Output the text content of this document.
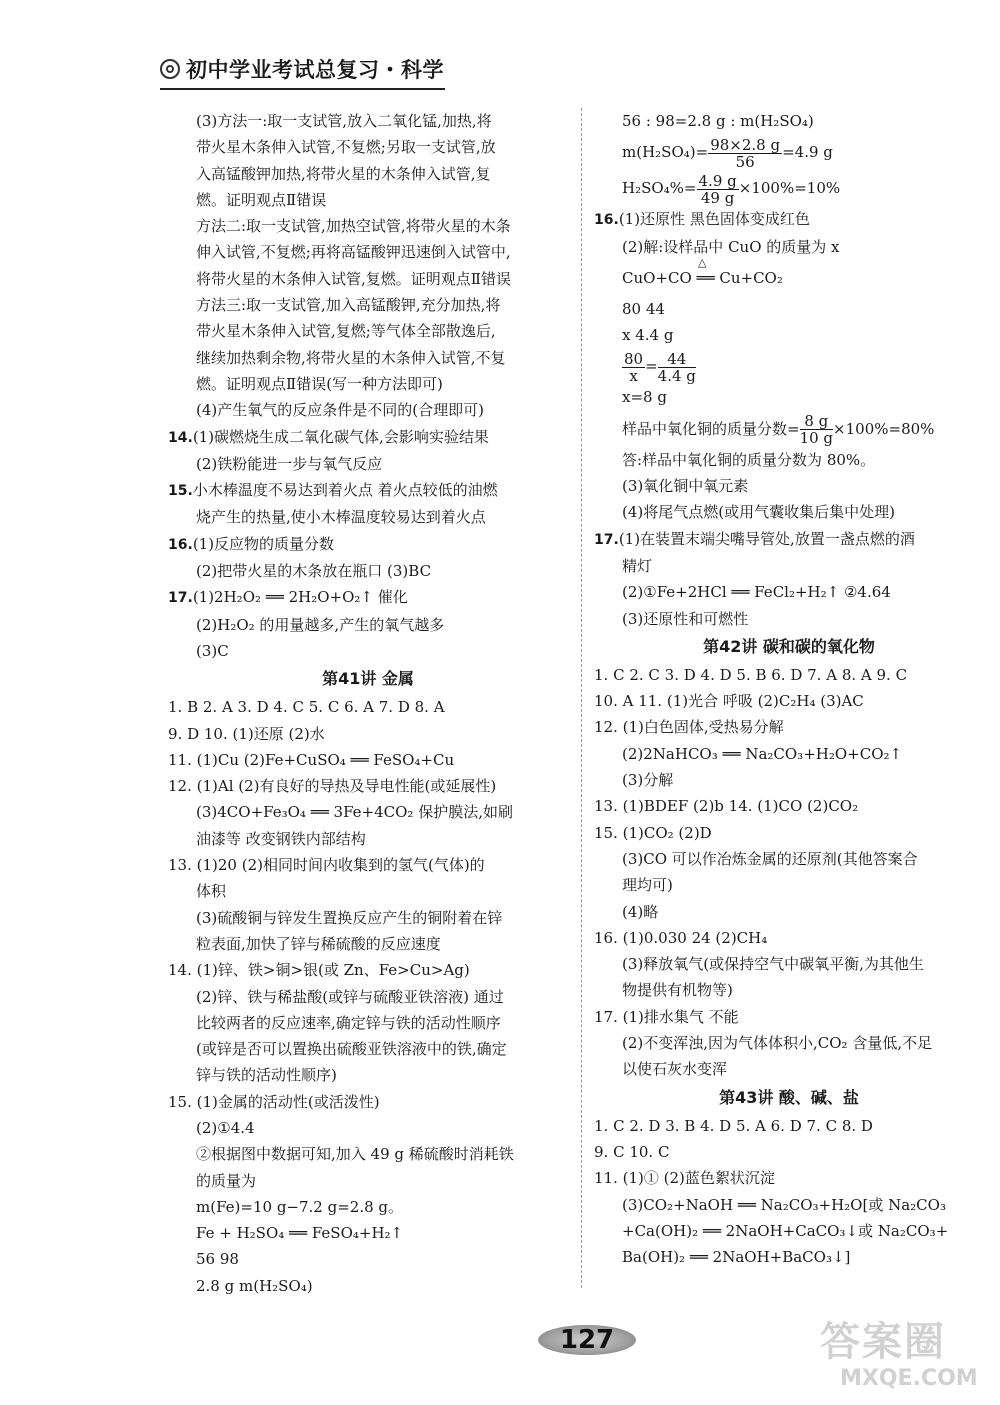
初中学业考试总复习・科学
(3)方法一:取一支试管,放入二氧化锰,加热,将
带火星木条伸入试管,不复燃;另取一支试管,放
入高锰酸钾加热,将带火星的木条伸入试管,复
燃。证明观点Ⅱ错误
方法二:取一支试管,加热空试管,将带火星的木条
伸入试管,不复燃;再将高锰酸钾迅速倒入试管中,
将带火星的木条伸入试管,复燃。证明观点Ⅱ错误
方法三:取一支试管,加入高锰酸钾,充分加热,将
带火星木条伸入试管,复燃;等气体全部散逸后,
继续加热剩余物,将带火星的木条伸入试管,不复
燃。证明观点Ⅱ错误(写一种方法即可)
(4)产生氧气的反应条件是不同的(合理即可)
14.(1)碳燃烧生成二氧化碳气体,会影响实验结果
(2)铁粉能进一步与氧气反应
15.小木棒温度不易达到着火点 着火点较低的油燃
烧产生的热量,使小木棒温度较易达到着火点
16.(1)反应物的质量分数
(2)把带火星的木条放在瓶口 (3)BC
17.(1)2H₂O₂ ══ 2H₂O+O₂↑ 催化
(2)H₂O₂ 的用量越多,产生的氧气越多
(3)C
第41讲 金属
1. B 2. A 3. D 4. C 5. C 6. A 7. D 8. A
9. D 10. (1)还原 (2)水
11. (1)Cu (2)Fe+CuSO₄ ══ FeSO₄+Cu
12. (1)Al (2)有良好的导热及导电性能(或延展性)
(3)4CO+Fe₃O₄ ══ 3Fe+4CO₂ 保护膜法,如刷
油漆等 改变钢铁内部结构
13. (1)20 (2)相同时间内收集到的氢气(气体)的
体积
(3)硫酸铜与锌发生置换反应产生的铜附着在锌
粒表面,加快了锌与稀硫酸的反应速度
14. (1)锌、铁>铜>银(或 Zn、Fe>Cu>Ag)
(2)锌、铁与稀盐酸(或锌与硫酸亚铁溶液) 通过
比较两者的反应速率,确定锌与铁的活动性顺序
(或锌是否可以置换出硫酸亚铁溶液中的铁,确定
锌与铁的活动性顺序)
15. (1)金属的活动性(或活泼性)
(2)①4.4
②根据图中数据可知,加入 49 g 稀硫酸时消耗铁
的质量为
m(Fe)=10 g−7.2 g=2.8 g。
Fe + H₂SO₄ ══ FeSO₄+H₂↑
56 98
2.8 g m(H₂SO₄)
56 : 98=2.8 g : m(H₂SO₄)
$m(H_2SO_4)= \frac{98\times 2.8 g}{56} =4.9$ g
$H_2SO_4\%= \frac{4.9 g}{49 g} \times 100\%=10\%$
16.(1)还原性 黑色固体变成红色
(2)解:设样品中 CuO 的质量为 x
CuO+CO ══ Cu+CO₂
△
80 44
x 4.4 g
$\frac{80}{x} = \frac{44}{4.4 g}$
x=8 g
样品中氧化铜的质量分数= $\frac{8 g}{10 g} \times 100\%=80\%$
答:样品中氧化铜的质量分数为 80%。
(3)氧化铜中氧元素
(4)将尾气点燃(或用气囊收集后集中处理)
17.(1)在装置末端尖嘴导管处,放置一盏点燃的酒
精灯
(2)①Fe+2HCl ══ FeCl₂+H₂↑ ②4.64
(3)还原性和可燃性
第42讲 碳和碳的氧化物
1. C 2. C 3. D 4. D 5. B 6. D 7. A 8. A 9. C
10. A 11. (1)光合 呼吸 (2)C₂H₄ (3)AC
12. (1)白色固体,受热易分解
(2)2NaHCO₃ ══ Na₂CO₃+H₂O+CO₂↑
(3)分解
13. (1)BDEF (2)b 14. (1)CO (2)CO₂
15. (1)CO₂ (2)D
(3)CO 可以作冶炼金属的还原剂(其他答案合
理均可)
(4)略
16. (1)0.030 24 (2)CH₄
(3)释放氧气(或保持空气中碳氧平衡,为其他生
物提供有机物等)
17. (1)排水集气 不能
(2)不变浑浊,因为气体体积小,CO₂ 含量低,不足
以使石灰水变浑
第43讲 酸、碱、盐
1. C 2. D 3. B 4. D 5. A 6. D 7. C 8. D
9. C 10. C
11. (1)① (2)蓝色絮状沉淀
(3)CO₂+NaOH ══ Na₂CO₃+H₂O[或 Na₂CO₃
+Ca(OH)₂ ══ 2NaOH+CaCO₃↓或 Na₂CO₃+
Ba(OH)₂ ══ 2NaOH+BaCO₃↓]
127	答案圈
MXQE.COM
